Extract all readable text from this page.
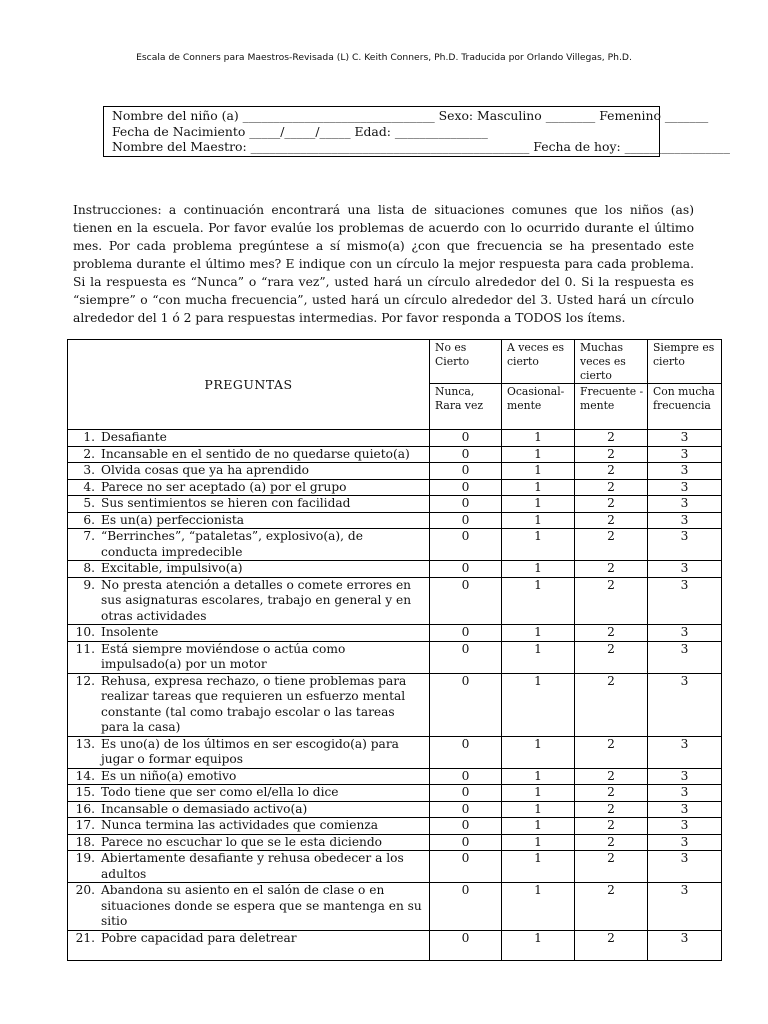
Escala de Conners para Maestros-Revisada (L) C. Keith Conners, Ph.D. Traducida por Orlando Villegas, Ph.D.
Nombre del niño (a) _______________________________ Sexo: Masculino ________ Femenino _______
Fecha de Nacimiento _____/_____/_____ Edad: _______________
Nombre del Maestro: _____________________________________________ Fecha de hoy: _________________
Instrucciones: a continuación encontrará una lista de situaciones comunes que los niños (as) tienen en la escuela. Por favor evalúe los problemas de acuerdo con lo ocurrido durante el último mes. Por cada problema pregúntese a sí mismo(a) ¿con que frecuencia se ha presentado este problema durante el último mes? E indique con un círculo la mejor respuesta para cada problema. Si la respuesta es “Nunca” o “rara vez”, usted hará un círculo alrededor del 0. Si la respuesta es “siempre” o “con mucha frecuencia”, usted hará un círculo alrededor del 3. Usted hará un círculo alrededor del 1 ó 2 para respuestas intermedias. Por favor responda a TODOS los ítems.
PREGUNTAS	No es Cierto	A veces es cierto	Muchas veces es cierto	Siempre es cierto
	Nunca, Rara vez	Ocasional-mente	Frecuente -mente	Con mucha frecuencia
1. Desafiante	0	1	2	3
2. Incansable en el sentido de no quedarse quieto(a)	0	1	2	3
3. Olvida cosas que ya ha aprendido	0	1	2	3
4. Parece no ser aceptado (a) por el grupo	0	1	2	3
5. Sus sentimientos se hieren con facilidad	0	1	2	3
6. Es un(a) perfeccionista	0	1	2	3
7. “Berrinches”, “pataletas”, explosivo(a), de conducta impredecible	0	1	2	3
8. Excitable, impulsivo(a)	0	1	2	3
9. No presta atención a detalles o comete errores en sus asignaturas escolares, trabajo en general y en otras actividades	0	1	2	3
10. Insolente	0	1	2	3
11. Está siempre moviéndose o actúa como impulsado(a) por un motor	0	1	2	3
12. Rehusa, expresa rechazo, o tiene problemas para realizar tareas que requieren un esfuerzo mental constante (tal como trabajo escolar o las tareas para la casa)	0	1	2	3
13. Es uno(a) de los últimos en ser escogido(a) para jugar o formar equipos	0	1	2	3
14. Es un niño(a) emotivo	0	1	2	3
15. Todo tiene que ser como el/ella lo dice	0	1	2	3
16. Incansable o demasiado activo(a)	0	1	2	3
17. Nunca termina las actividades que comienza	0	1	2	3
18. Parece no escuchar lo que se le esta diciendo	0	1	2	3
19. Abiertamente desafiante y rehusa obedecer a los adultos	0	1	2	3
20. Abandona su asiento en el salón de clase o en situaciones donde se espera que se mantenga en su sitio	0	1	2	3
21. Pobre capacidad para deletrear	0	1	2	3
